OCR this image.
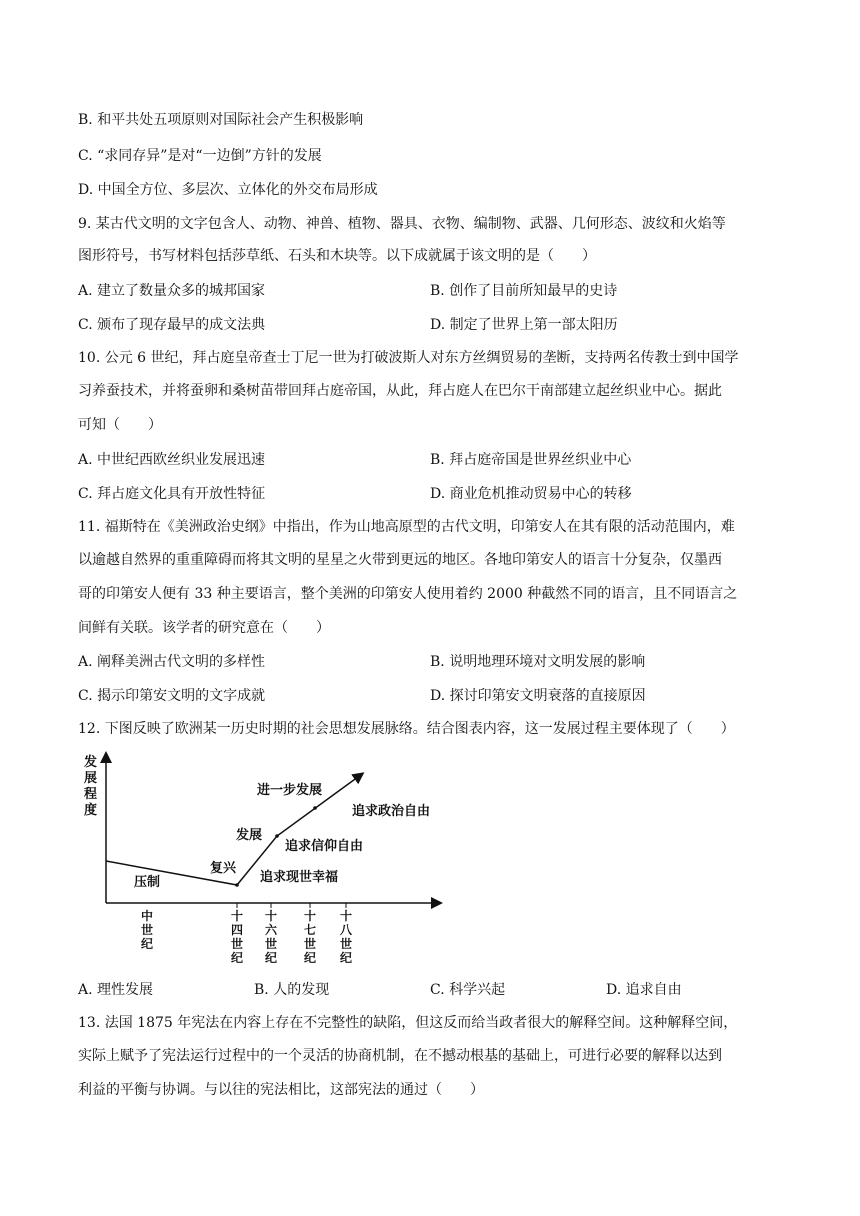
B. 和平共处五项原则对国际社会产生积极影响
C. “求同存异”是对“一边倒”方针的发展
D. 中国全方位、多层次、立体化的外交布局形成
9. 某古代文明的文字包含人、动物、神兽、植物、器具、衣物、编制物、武器、几何形态、波纹和火焰等
图形符号，书写材料包括莎草纸、石头和木块等。以下成就属于该文明的是（　　）
A. 建立了数量众多的城邦国家	B. 创作了目前所知最早的史诗
C. 颁布了现存最早的成文法典	D. 制定了世界上第一部太阳历
10. 公元 6 世纪，拜占庭皇帝查士丁尼一世为打破波斯人对东方丝绸贸易的垄断，支持两名传教士到中国学
习养蚕技术，并将蚕卵和桑树苗带回拜占庭帝国，从此，拜占庭人在巴尔干南部建立起丝织业中心。据此
可知（　　）
A. 中世纪西欧丝织业发展迅速	B. 拜占庭帝国是世界丝织业中心
C. 拜占庭文化具有开放性特征	D. 商业危机推动贸易中心的转移
11. 福斯特在《美洲政治史纲》中指出，作为山地高原型的古代文明，印第安人在其有限的活动范围内，难
以逾越自然界的重重障碍而将其文明的星星之火带到更远的地区。各地印第安人的语言十分复杂，仅墨西
哥的印第安人便有 33 种主要语言，整个美洲的印第安人使用着约 2000 种截然不同的语言，且不同语言之
间鲜有关联。该学者的研究意在（　　）
A. 阐释美洲古代文明的多样性	B. 说明地理环境对文明发展的影响
C. 揭示印第安文明的文字成就	D. 探讨印第安文明衰落的直接原因
12. 下图反映了欧洲某一历史时期的社会思想发展脉络。结合图表内容，这一发展过程主要体现了（　　）
发
展
程
度
压制
复兴
发展
进一步发展
追求现世幸福
追求信仰自由
追求政治自由
中
世
纪
十
四
世
纪
十
六
世
纪
十
七
世
纪
十
八
世
纪
A. 理性发展	B. 人的发现	C. 科学兴起	D. 追求自由
13. 法国 1875 年宪法在内容上存在不完整性的缺陷，但这反而给当政者很大的解释空间。这种解释空间，
实际上赋予了宪法运行过程中的一个灵活的协商机制，在不撼动根基的基础上，可进行必要的解释以达到
利益的平衡与协调。与以往的宪法相比，这部宪法的通过（　　）
